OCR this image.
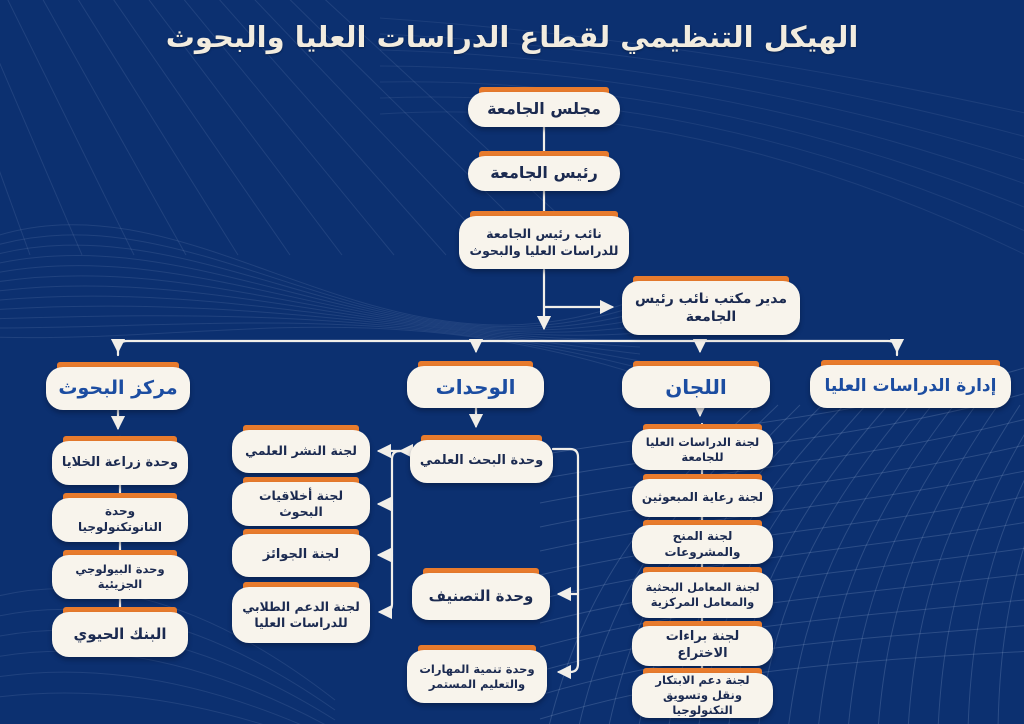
الهيكل التنظيمي لقطاع الدراسات العليا والبحوث
مجلس الجامعة
رئيس الجامعة
نائب رئيس الجامعة للدراسات العليا والبحوث
مدير مكتب نائب رئيس الجامعة
مركز البحوث	الوحدات	اللجان	إدارة الدراسات العليا
وحدة زراعة الخلايا
وحدة النانوتكنولوجيا
وحدة البيولوجي الجزيئية
البنك الحيوي
لجنة النشر العلمي
لجنة أخلاقيات البحوث
لجنة الجوائز
لجنة الدعم الطلابي للدراسات العليا
وحدة البحث العلمي
وحدة التصنيف
وحدة تنمية المهارات والتعليم المستمر
لجنة الدراسات العليا للجامعة
لجنة رعاية المبعوثين
لجنة المنح والمشروعات
لجنة المعامل البحثية والمعامل المركزية
لجنة براءات الاختراع
لجنة دعم الابتكار ونقل وتسويق التكنولوجيا
